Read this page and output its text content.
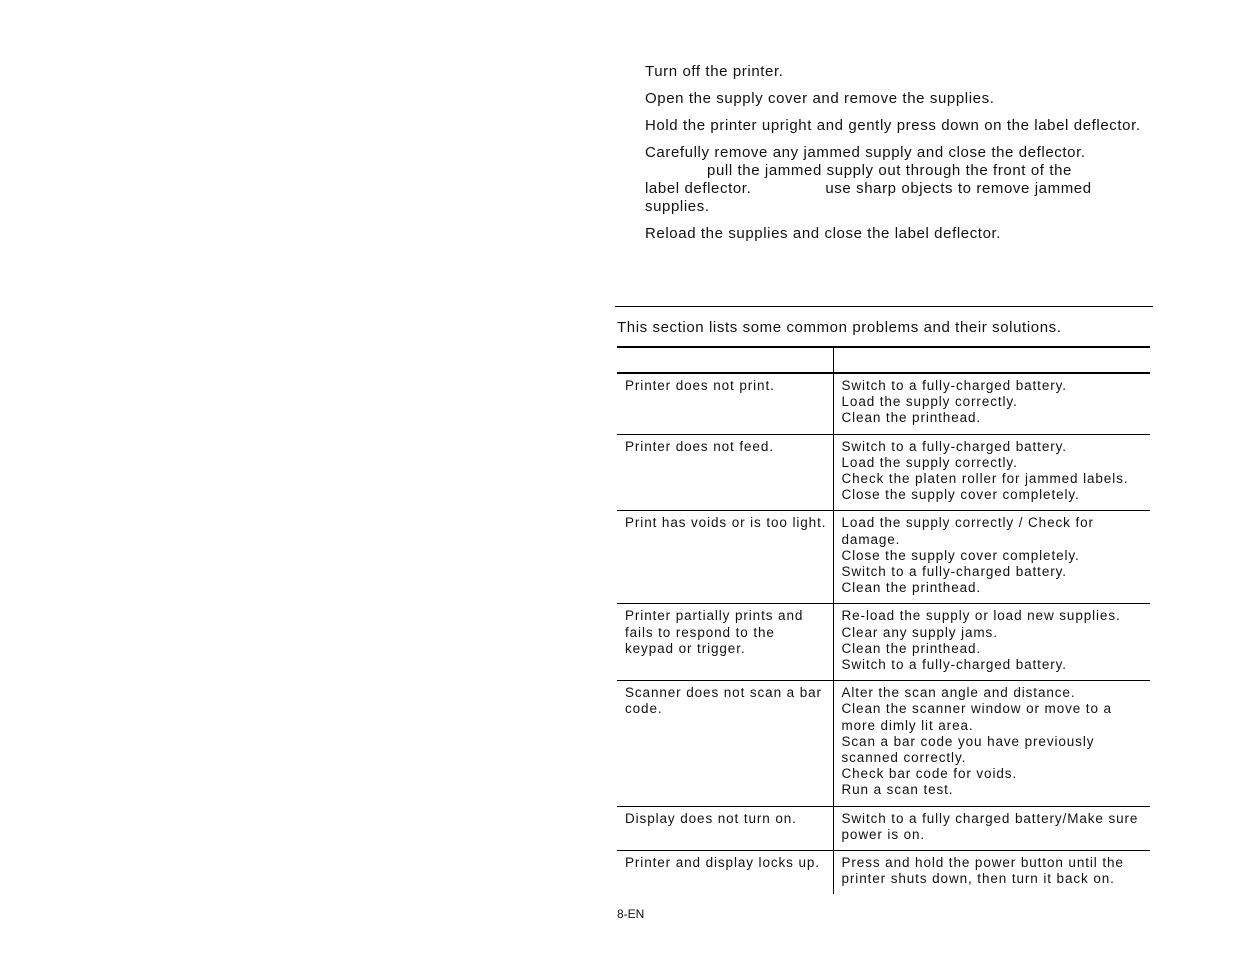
Turn off the printer.
Open the supply cover and remove the supplies.
Hold the printer upright and gently press down on the label deflector.
Carefully remove any jammed supply and close the deflector.
pull the jammed supply out through the front of the
label deflector.	use sharp objects to remove jammed
supplies.
Reload the supplies and close the label deflector.
This section lists some common problems and their solutions.

Printer does not print.	Switch to a fully-charged battery.
Load the supply correctly.
Clean the printhead.

Printer does not feed.	Switch to a fully-charged battery.
Load the supply correctly.
Check the platen roller for jammed labels.
Close the supply cover completely.

Print has voids or is too light.	Load the supply correctly / Check for damage.
Close the supply cover completely.
Switch to a fully-charged battery.
Clean the printhead.

Printer partially prints and fails to respond to the keypad or trigger.	Re-load the supply or load new supplies.
Clear any supply jams.
Clean the printhead.
Switch to a fully-charged battery.

Scanner does not scan a bar code.	Alter the scan angle and distance.
Clean the scanner window or move to a more dimly lit area.
Scan a bar code you have previously scanned correctly.
Check bar code for voids.
Run a scan test.

Display does not turn on.	Switch to a fully charged battery/Make sure power is on.

Printer and display locks up.	Press and hold the power button until the printer shuts down, then turn it back on.
8-EN
